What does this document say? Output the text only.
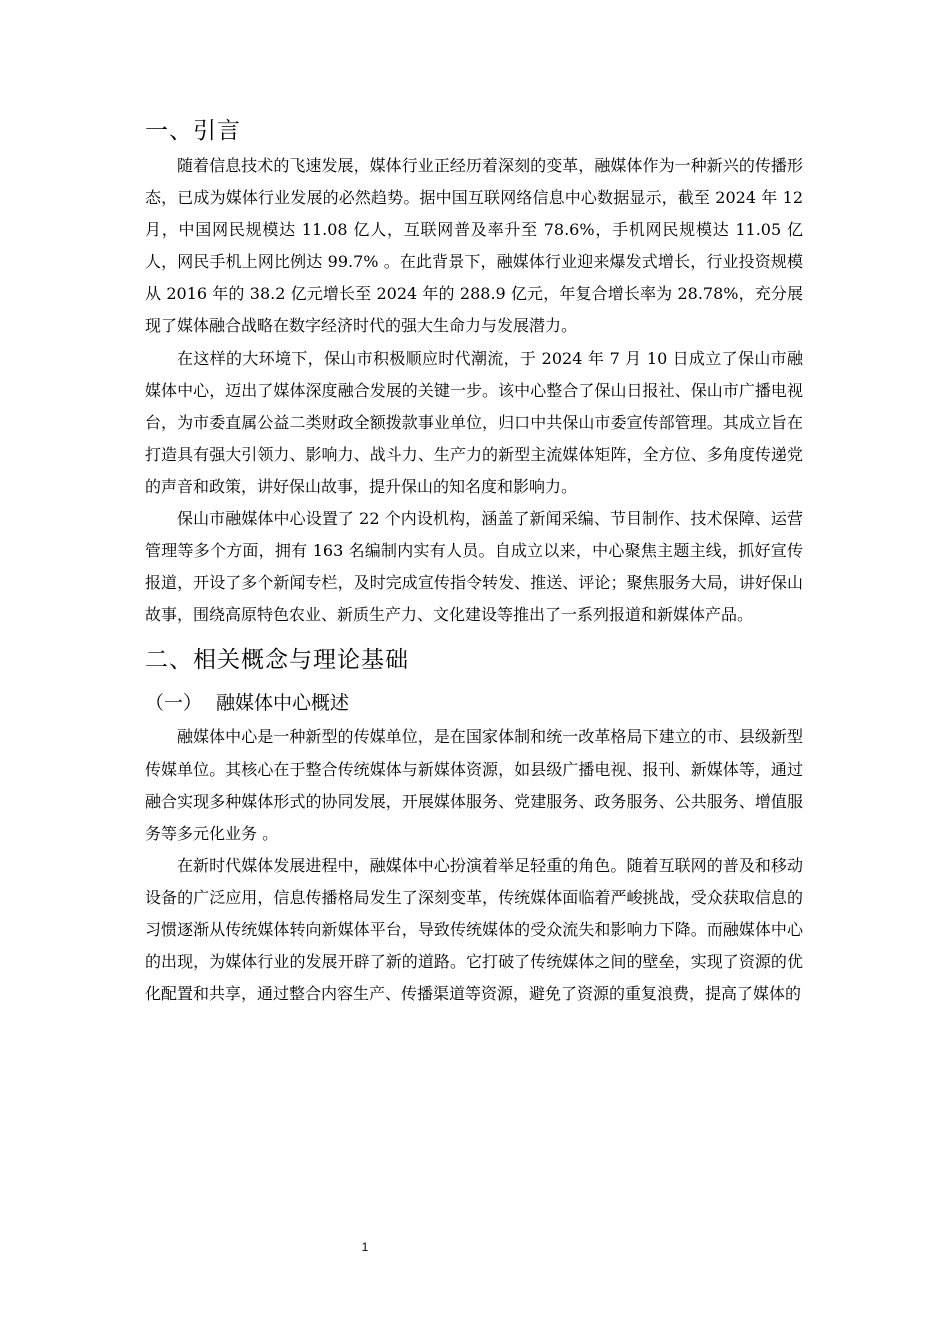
一、引言

随着信息技术的飞速发展，媒体行业正经历着深刻的变革，融媒体作为一种新兴的传播形态，已成为媒体行业发展的必然趋势。据中国互联网络信息中心数据显示，截至 2024 年 12 月，中国网民规模达 11.08 亿人，互联网普及率升至 78.6%，手机网民规模达 11.05 亿人，网民手机上网比例达 99.7% 。在此背景下，融媒体行业迎来爆发式增长，行业投资规模从 2016 年的 38.2 亿元增长至 2024 年的 288.9 亿元，年复合增长率为 28.78%，充分展现了媒体融合战略在数字经济时代的强大生命力与发展潜力。

在这样的大环境下，保山市积极顺应时代潮流，于 2024 年 7 月 10 日成立了保山市融媒体中心，迈出了媒体深度融合发展的关键一步。该中心整合了保山日报社、保山市广播电视台，为市委直属公益二类财政全额拨款事业单位，归口中共保山市委宣传部管理。其成立旨在打造具有强大引领力、影响力、战斗力、生产力的新型主流媒体矩阵，全方位、多角度传递党的声音和政策，讲好保山故事，提升保山的知名度和影响力。

保山市融媒体中心设置了 22 个内设机构，涵盖了新闻采编、节目制作、技术保障、运营管理等多个方面，拥有 163 名编制内实有人员。自成立以来，中心聚焦主题主线，抓好宣传报道，开设了多个新闻专栏，及时完成宣传指令转发、推送、评论；聚焦服务大局，讲好保山故事，围绕高原特色农业、新质生产力、文化建设等推出了一系列报道和新媒体产品。

二、相关概念与理论基础
（一） 融媒体中心概述

融媒体中心是一种新型的传媒单位，是在国家体制和统一改革格局下建立的市、县级新型传媒单位。其核心在于整合传统媒体与新媒体资源，如县级广播电视、报刊、新媒体等，通过融合实现多种媒体形式的协同发展，开展媒体服务、党建服务、政务服务、公共服务、增值服务等多元化业务 。

在新时代媒体发展进程中，融媒体中心扮演着举足轻重的角色。随着互联网的普及和移动设备的广泛应用，信息传播格局发生了深刻变革，传统媒体面临着严峻挑战，受众获取信息的习惯逐渐从传统媒体转向新媒体平台，导致传统媒体的受众流失和影响力下降。而融媒体中心的出现，为媒体行业的发展开辟了新的道路。它打破了传统媒体之间的壁垒，实现了资源的优化配置和共享，通过整合内容生产、传播渠道等资源，避免了资源的重复浪费，提高了媒体的

1
